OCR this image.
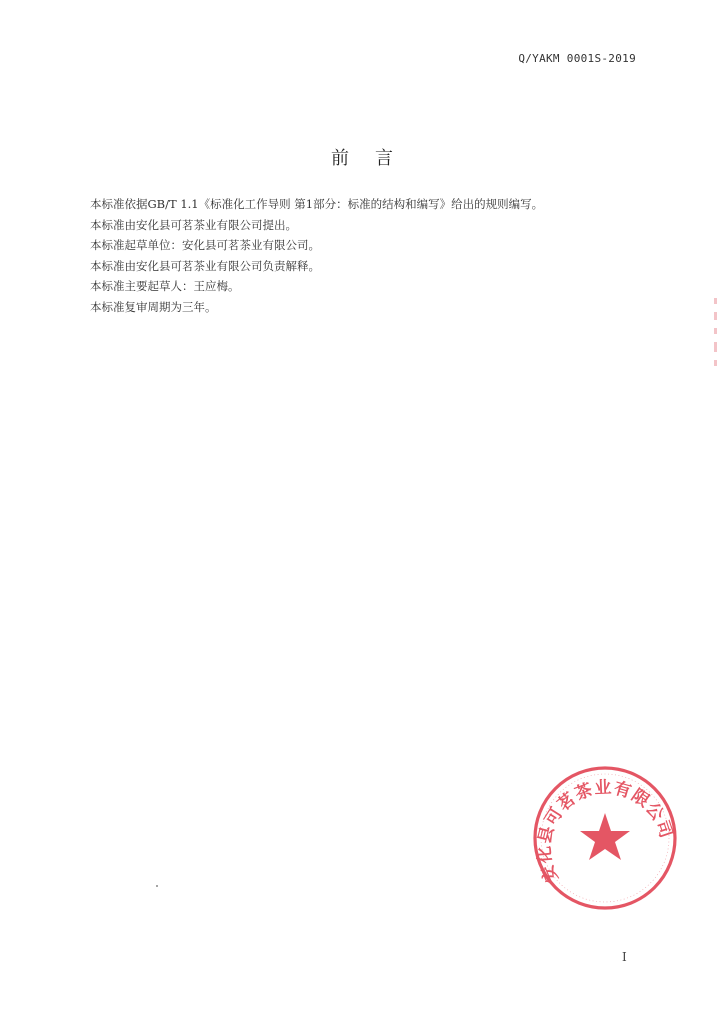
Q/YAKM 0001S-2019
前言

本标准依据GB/T 1.1《标准化工作导则 第1部分：标准的结构和编写》给出的规则编写。

本标准由安化县可茗茶业有限公司提出。

本标准起草单位：安化县可茗茶业有限公司。

本标准由安化县可茗茶业有限公司负责解释。

本标准主要起草人：王应梅。

本标准复审周期为三年。

安化县可茗茶业有限公司
I
